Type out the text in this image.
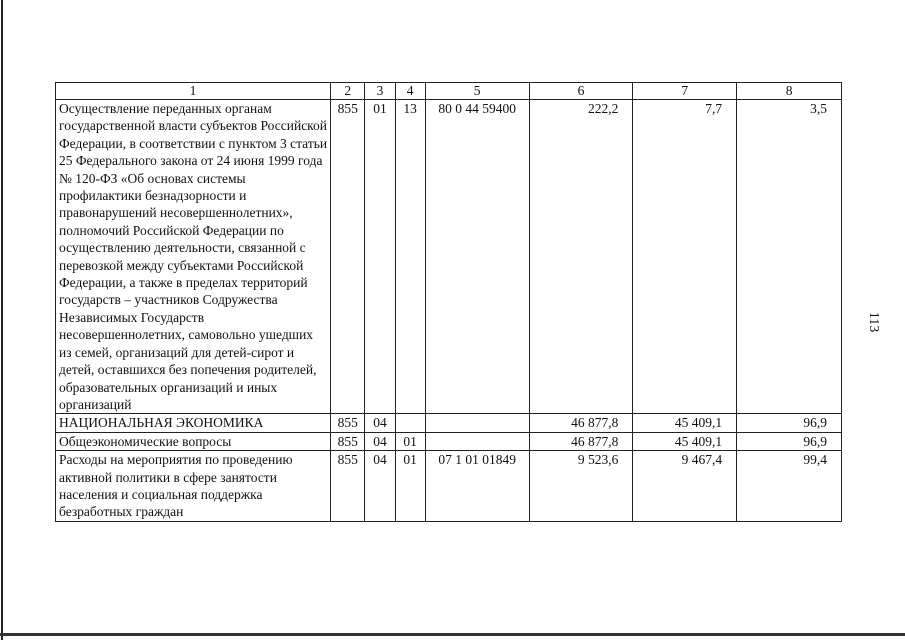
113
1	2	3	4	5	6	7	8
Осуществление переданных органам государственной власти субъектов Российской Федерации, в соответствии с пунктом 3 статьи 25 Федерального закона от 24 июня 1999 года № 120-ФЗ «Об основах системы профилактики безнадзорности и правонарушений несовершеннолетних», полномочий Российской Федерации по осуществлению деятельности, связанной с перевозкой между субъектами Российской Федерации, а также в пределах территорий государств – участников Содружества Независимых Государств несовершеннолетних, самовольно ушедших из семей, организаций для детей-сирот и детей, оставшихся без попечения родителей, образовательных организаций и иных организаций	855	01	13	80 0 44 59400	222,2	7,7	3,5
НАЦИОНАЛЬНАЯ ЭКОНОМИКА	855	04			46 877,8	45 409,1	96,9
Общеэкономические вопросы	855	04	01		46 877,8	45 409,1	96,9
Расходы на мероприятия по проведению активной политики в сфере занятости населения и социальная поддержка безработных граждан	855	04	01	07 1 01 01849	9 523,6	9 467,4	99,4
